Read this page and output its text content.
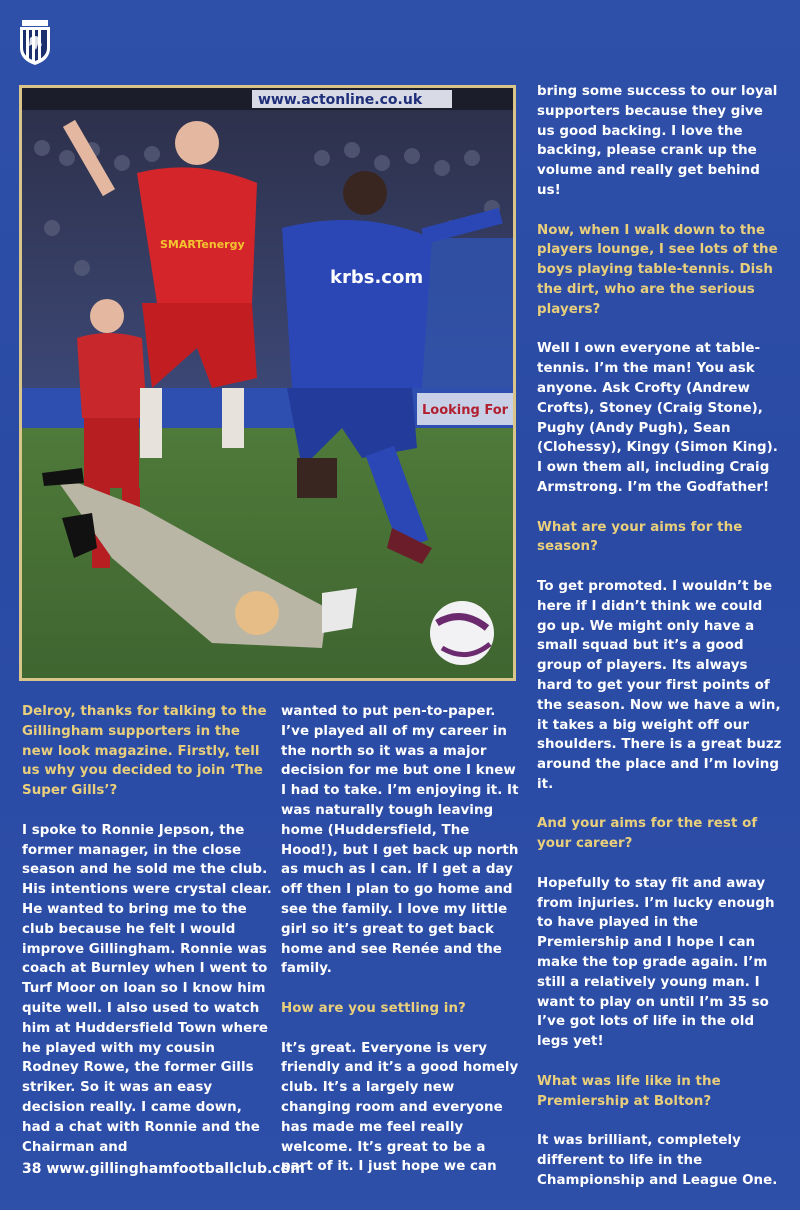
www.actonline.co.uk
Looking For
SMARTenergy
krbs.com

Delroy, thanks for talking to the Gillingham supporters in the new look magazine. Firstly, tell us why you decided to join ‘The Super Gills’?

I spoke to Ronnie Jepson, the former manager, in the close season and he sold me the club. His intentions were crystal clear. He wanted to bring me to the club because he felt I would improve Gillingham. Ronnie was coach at Burnley when I went to Turf Moor on loan so I know him quite well. I also used to watch him at Huddersfield Town where he played with my cousin Rodney Rowe, the former Gills striker. So it was an easy decision really. I came down, had a chat with Ronnie and the Chairman and

wanted to put pen-to-paper. I’ve played all of my career in the north so it was a major decision for me but one I knew I had to take. I’m enjoying it. It was naturally tough leaving home (Huddersfield, The Hood!), but I get back up north as much as I can. If I get a day off then I plan to go home and see the family. I love my little girl so it’s great to get back home and see Renée and the family.

How are you settling in?

It’s great. Everyone is very friendly and it’s a good homely club. It’s a largely new changing room and everyone has made me feel really welcome. It’s great to be a part of it. I just hope we can

bring some success to our loyal supporters because they give us good backing. I love the backing, please crank up the volume and really get behind us!

Now, when I walk down to the players lounge, I see lots of the boys playing table-tennis. Dish the dirt, who are the serious players?

Well I own everyone at table-tennis. I’m the man! You ask anyone. Ask Crofty (Andrew Crofts), Stoney (Craig Stone), Pughy (Andy Pugh), Sean (Clohessy), Kingy (Simon King). I own them all, including Craig Armstrong. I’m the Godfather!

What are your aims for the season?

To get promoted. I wouldn’t be here if I didn’t think we could go up. We might only have a small squad but it’s a good group of players. Its always hard to get your first points of the season. Now we have a win, it takes a big weight off our shoulders. There is a great buzz around the place and I’m loving it.

And your aims for the rest of your career?

Hopefully to stay fit and away from injuries. I’m lucky enough to have played in the Premiership and I hope I can make the top grade again. I’m still a relatively young man. I want to play on until I’m 35 so I’ve got lots of life in the old legs yet!

What was life like in the Premiership at Bolton?

It was brilliant, completely different to life in the Championship and League One.

38 www.gillinghamfootballclub.com
